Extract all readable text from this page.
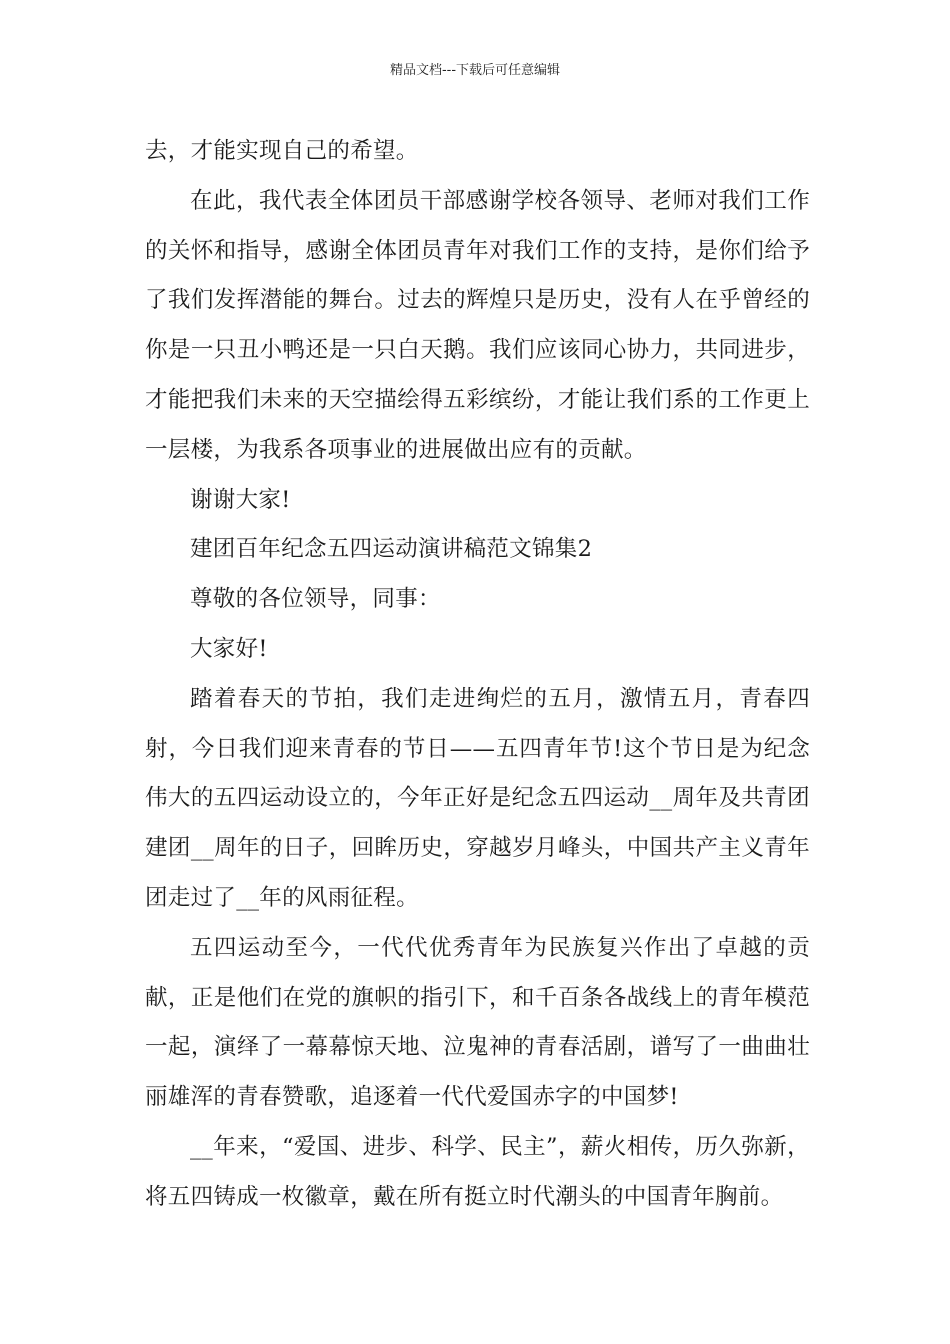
精品文档---下载后可任意编辑

去，才能实现自己的希望。

在此，我代表全体团员干部感谢学校各领导、老师对我们工作的关怀和指导，感谢全体团员青年对我们工作的支持，是你们给予了我们发挥潜能的舞台。过去的辉煌只是历史，没有人在乎曾经的你是一只丑小鸭还是一只白天鹅。我们应该同心协力，共同进步，才能把我们未来的天空描绘得五彩缤纷，才能让我们系的工作更上一层楼，为我系各项事业的进展做出应有的贡献。

谢谢大家!

建团百年纪念五四运动演讲稿范文锦集2

尊敬的各位领导，同事：

大家好!

踏着春天的节拍，我们走进绚烂的五月，激情五月，青春四射，今日我们迎来青春的节日——五四青年节!这个节日是为纪念伟大的五四运动设立的，今年正好是纪念五四运动__周年及共青团建团__周年的日子，回眸历史，穿越岁月峰头，中国共产主义青年团走过了__年的风雨征程。

五四运动至今，一代代优秀青年为民族复兴作出了卓越的贡献，正是他们在党的旗帜的指引下，和千百条各战线上的青年模范一起，演绎了一幕幕惊天地、泣鬼神的青春活剧，谱写了一曲曲壮丽雄浑的青春赞歌，追逐着一代代爱国赤字的中国梦!

__年来，“爱国、进步、科学、民主”，薪火相传，历久弥新，将五四铸成一枚徽章，戴在所有挺立时代潮头的中国青年胸前。
